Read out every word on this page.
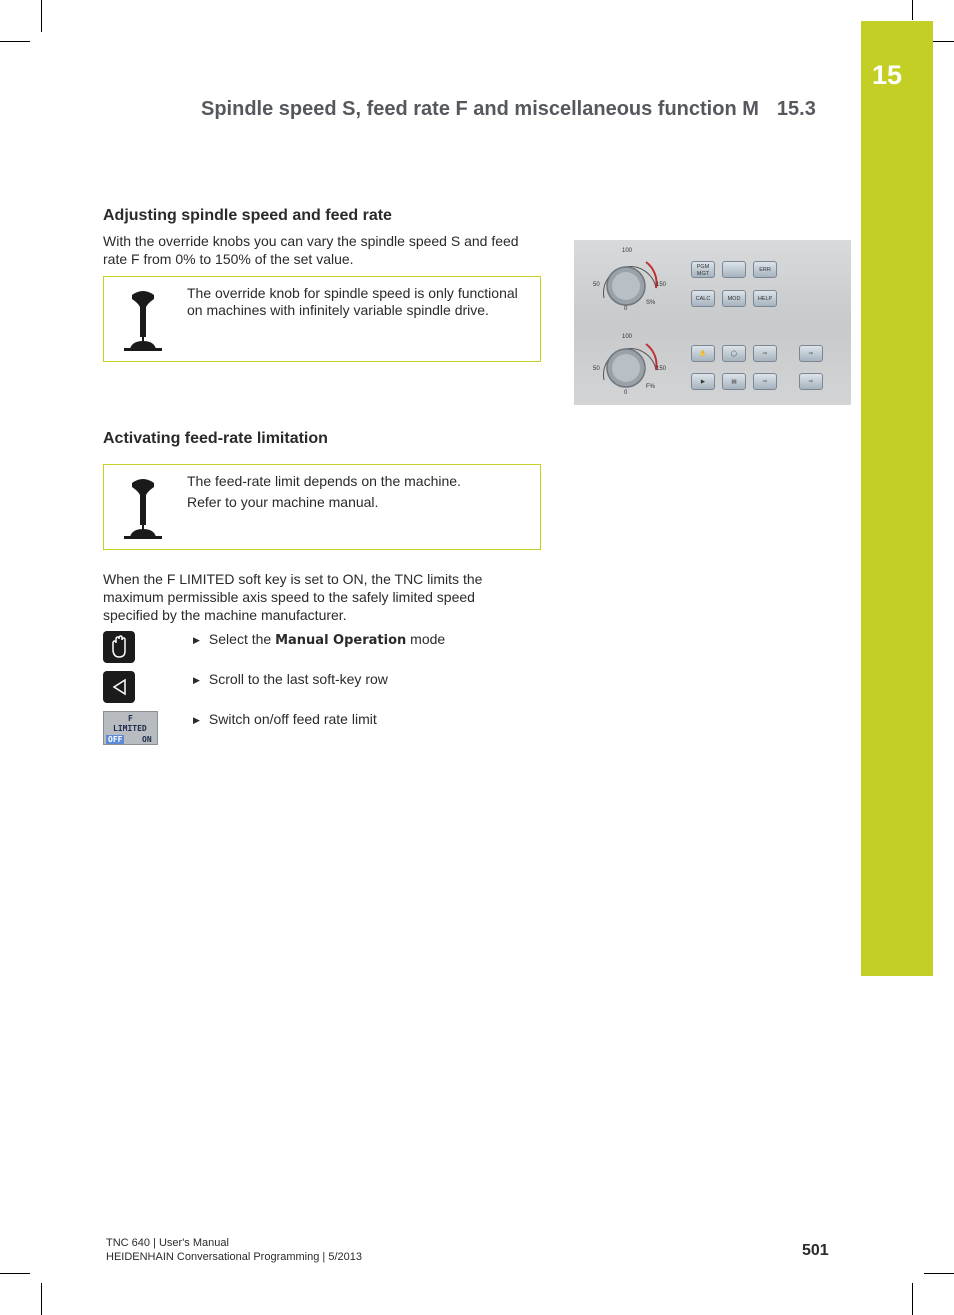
15
Spindle speed S, feed rate F and miscellaneous function M 15.3
Adjusting spindle speed and feed rate
With the override knobs you can vary the spindle speed S and feed
rate F from 0% to 150% of the set value.
The override knob for spindle speed is only functional
on machines with infinitely variable spindle drive.
100
50	150
0
S%
100
50	150
0
F%
PGM
MGT
ERR
CALC	MOD	HELP
✋	◯	⇨	⇨
▶	▤	⇨	⇨
Activating feed-rate limitation

The feed-rate limit depends on the machine.

Refer to your machine manual.

When the F LIMITED soft key is set to ON, the TNC limits the
maximum permissible axis speed to the safely limited speed
specified by the machine manufacturer.
▶ Select the Manual Operation mode
▶ Scroll to the last soft-key row
F
LIMITED
OFF ON
▶ Switch on/off feed rate limit
TNC 640 | User's Manual
HEIDENHAIN Conversational Programming | 5/2013	501
